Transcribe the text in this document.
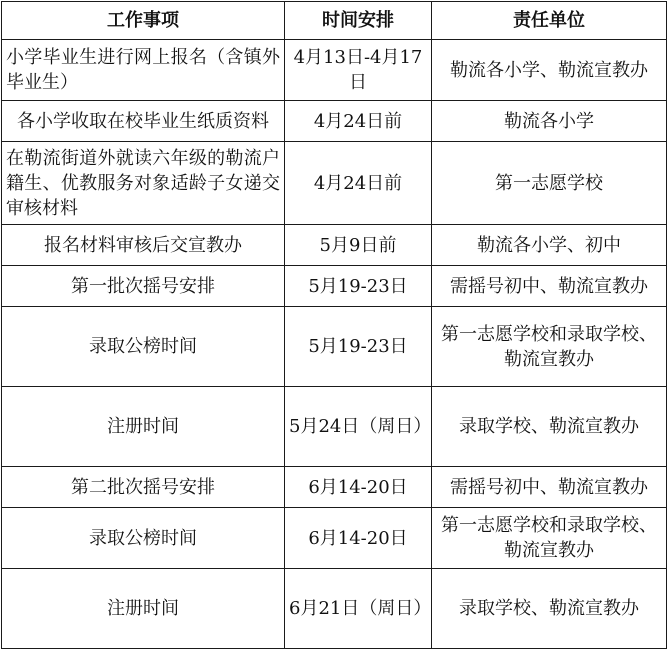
工作事项	时间安排	责任单位
小学毕业生进行网上报名（含镇外毕业生）	4月13日-4月17日	勒流各小学、勒流宣教办
各小学收取在校毕业生纸质资料	4月24日前	勒流各小学
在勒流街道外就读六年级的勒流户籍生、优教服务对象适龄子女递交审核材料	4月24日前	第一志愿学校
报名材料审核后交宣教办	5月9日前	勒流各小学、初中
第一批次摇号安排	5月19-23日	需摇号初中、勒流宣教办
录取公榜时间	5月19-23日	第一志愿学校和录取学校、勒流宣教办
注册时间	5月24日（周日）	录取学校、勒流宣教办
第二批次摇号安排	6月14-20日	需摇号初中、勒流宣教办
录取公榜时间	6月14-20日	第一志愿学校和录取学校、勒流宣教办
注册时间	6月21日（周日）	录取学校、勒流宣教办
